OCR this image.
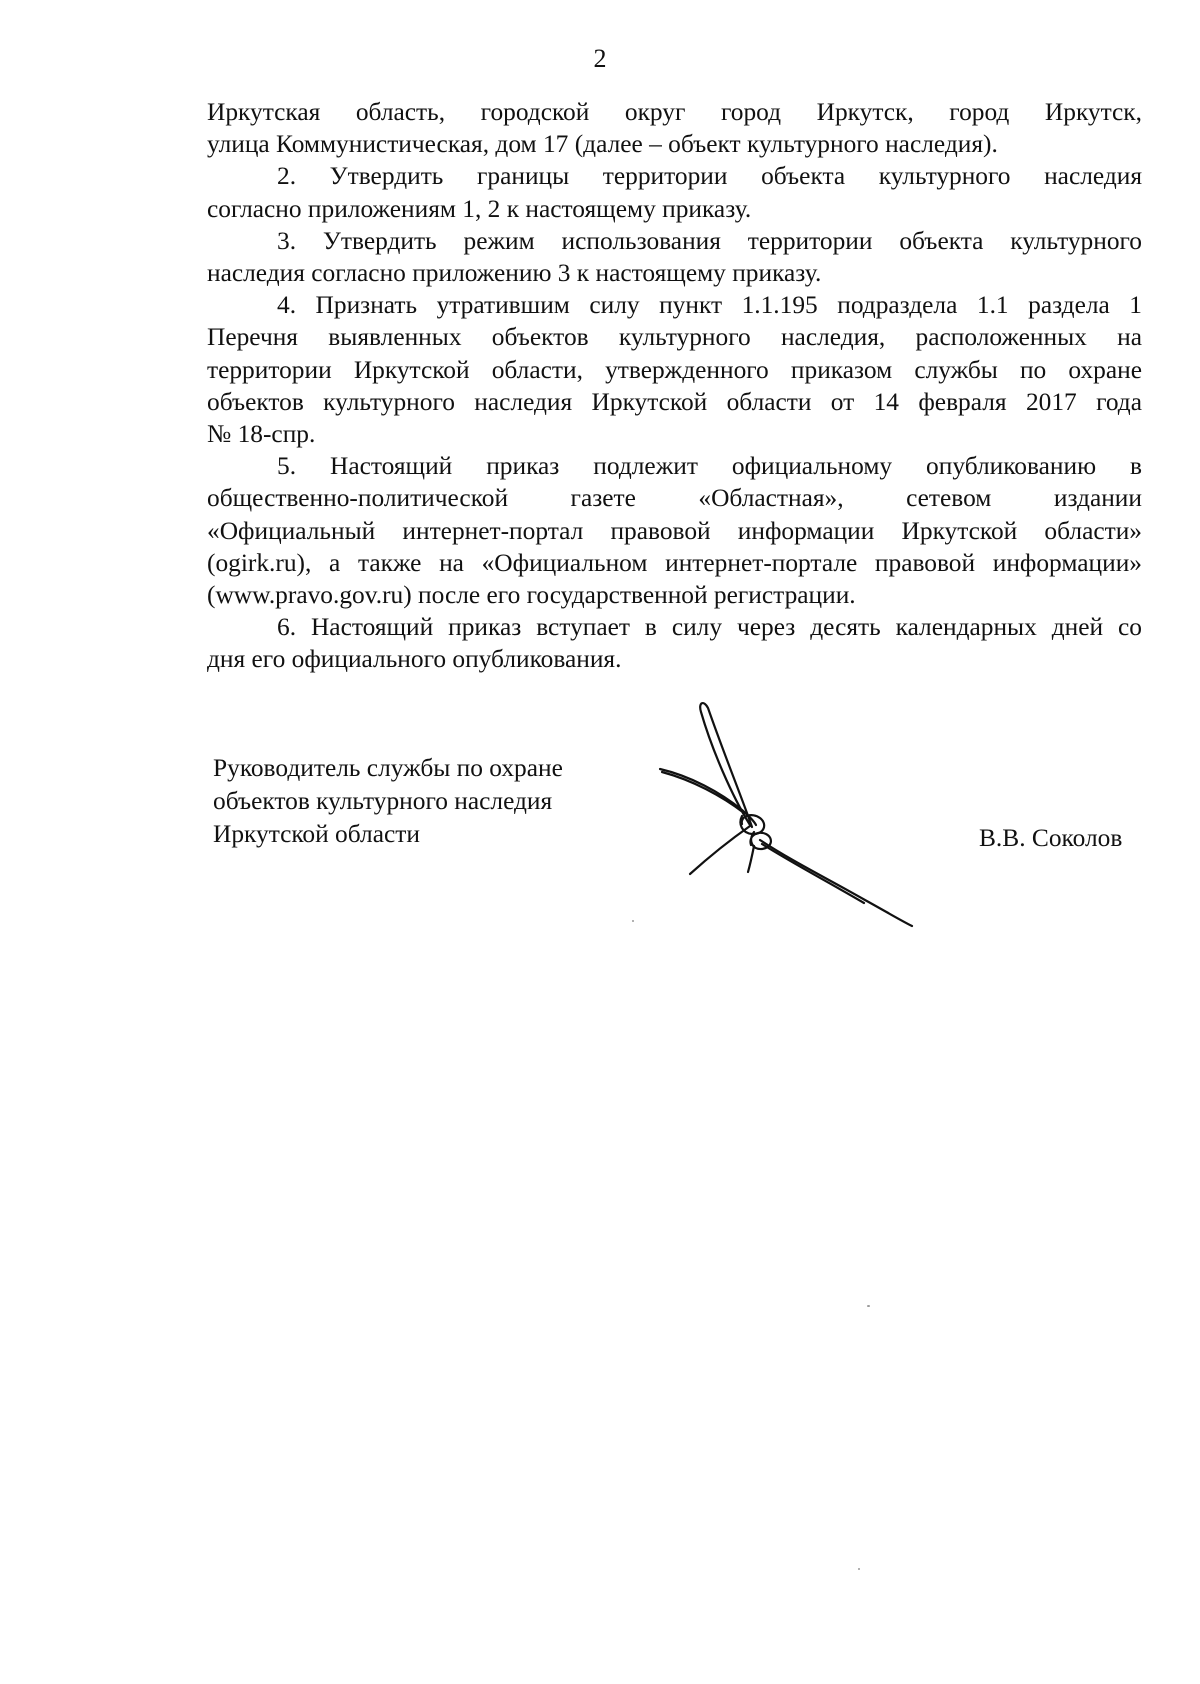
2
Иркутская область, городской округ город Иркутск, город Иркутск,
улица Коммунистическая, дом 17 (далее – объект культурного наследия).
2. Утвердить границы территории объекта культурного наследия
согласно приложениям 1, 2 к настоящему приказу.
3. Утвердить режим использования территории объекта культурного
наследия согласно приложению 3 к настоящему приказу.
4. Признать утратившим силу пункт 1.1.195 подраздела 1.1 раздела 1
Перечня выявленных объектов культурного наследия, расположенных на
территории Иркутской области, утвержденного приказом службы по охране
объектов культурного наследия Иркутской области от 14 февраля 2017 года
№ 18-спр.
5. Настоящий приказ подлежит официальному опубликованию в
общественно-политической газете «Областная», сетевом издании
«Официальный интернет-портал правовой информации Иркутской области»
(ogirk.ru), а также на «Официальном интернет-портале правовой информации»
(www.pravo.gov.ru) после его государственной регистрации.
6. Настоящий приказ вступает в силу через десять календарных дней со
дня его официального опубликования.
Руководитель службы по охране
объектов культурного наследия
Иркутской области	В.В. Соколов
